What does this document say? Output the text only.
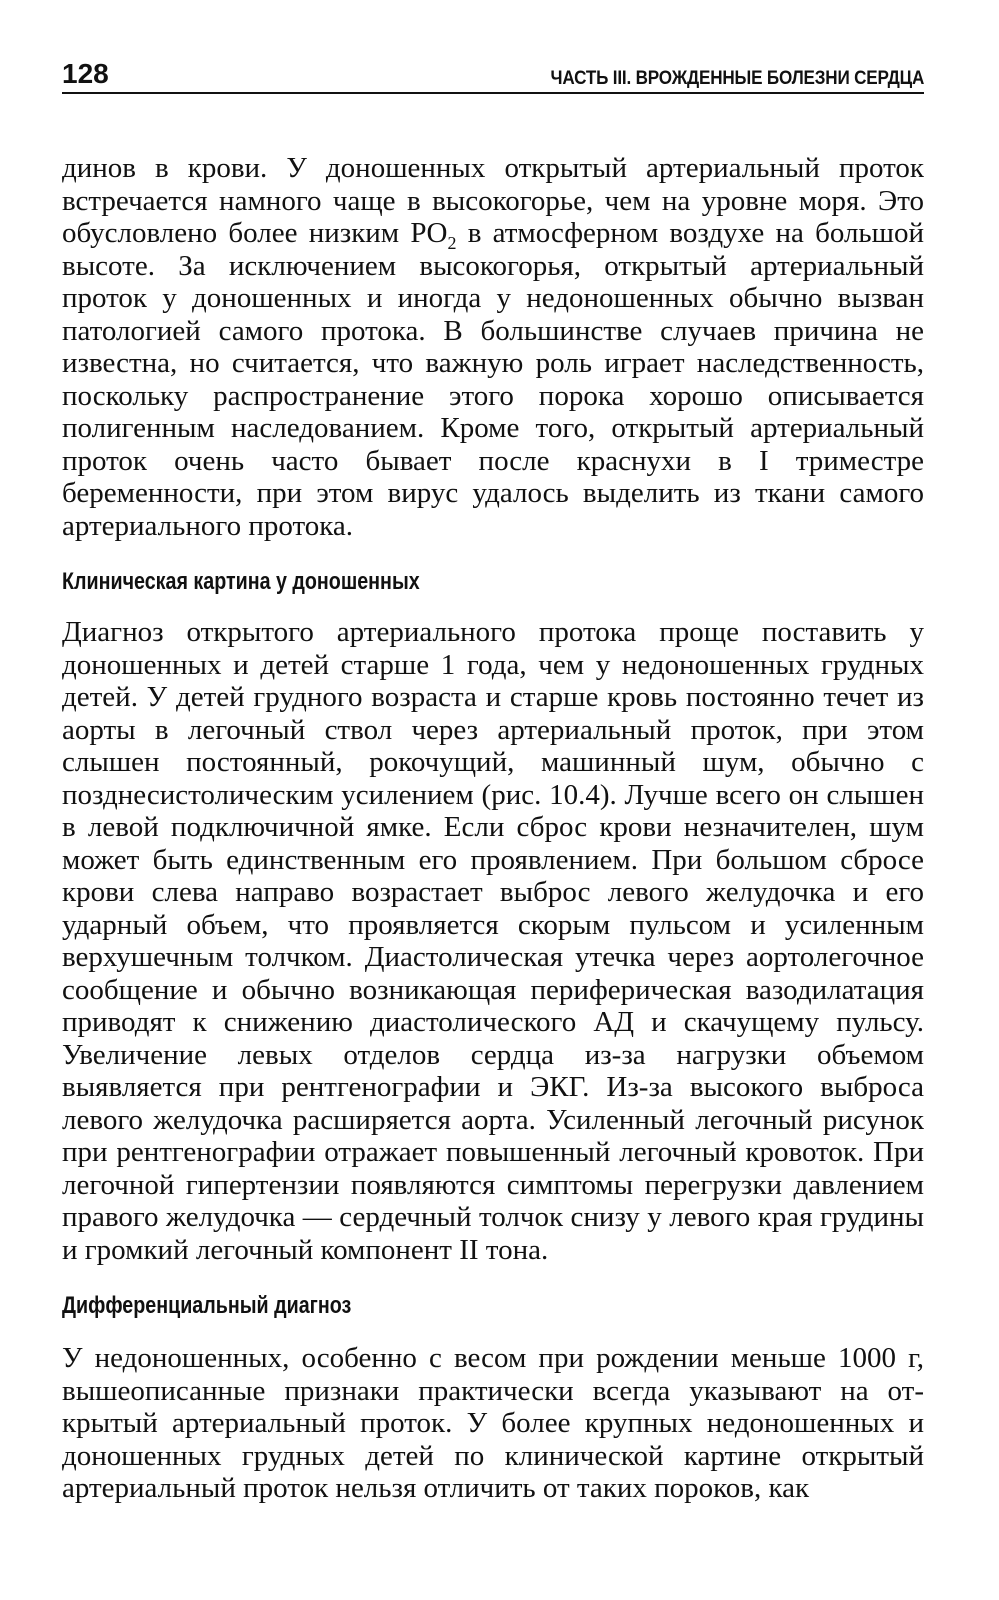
128	ЧАСТЬ III. ВРОЖДЕННЫЕ БОЛЕЗНИ СЕРДЦА

динов в крови. У доношенных открытый артериальный проток встречается намного чаще в высокогорье, чем на уровне моря. Это обусловлено более низким $PO_2$ в атмосферном воздухе на большой высоте. За исключением высокогорья, открытый артериальный проток у доношенных и иногда у недоношенных обычно вызван патологией самого протока. В большинстве случаев причина не известна, но считается, что важную роль играет наследственность, поскольку распространение этого порока хорошо описывается полигенным наследованием. Кроме того, открытый артериальный проток очень часто бывает после краснухи в I триместре беременности, при этом вирус удалось выделить из ткани самого артериального протока.

Клиническая картина у доношенных

Диагноз открытого артериального протока проще поставить у доношенных и детей старше 1 года, чем у недоношенных грудных детей. У детей грудного возраста и старше кровь постоянно течет из аорты в легочный ствол через артериальный проток, при этом слышен постоянный, рокочущий, машинный шум, обычно с позднесистолическим усилением (рис. 10.4). Лучше всего он слышен в левой подключичной ямке. Если сброс крови незначителен, шум может быть единственным его проявлением. При большом сбросе крови слева направо возрастает выброс левого желудочка и его ударный объем, что проявляется скорым пульсом и усиленным верхушечным толчком. Диастолическая утечка через аортолегочное сообщение и обычно возникающая периферическая вазодилатация приводят к снижению диастолического АД и скачущему пульсу. Увеличение левых отделов сердца из-за нагрузки объемом выявляется при рентгенографии и ЭКГ. Из-за высокого выброса левого желудочка расширяется аорта. Усиленный легочный рисунок при рентгенографии отражает повышенный легочный кровоток. При легочной гипертензии появляются симптомы перегрузки давлением правого желудочка — сердечный толчок снизу у левого края грудины и громкий легочный компонент II тона.

Дифференциальный диагноз

У недоношенных, особенно с весом при рождении меньше 1000 г, вышеописанные признаки практически всегда указывают на открытый артериальный проток. У более крупных недоношенных и доношенных грудных детей по клинической картине открытый артериальный проток нельзя отличить от таких пороков, как
